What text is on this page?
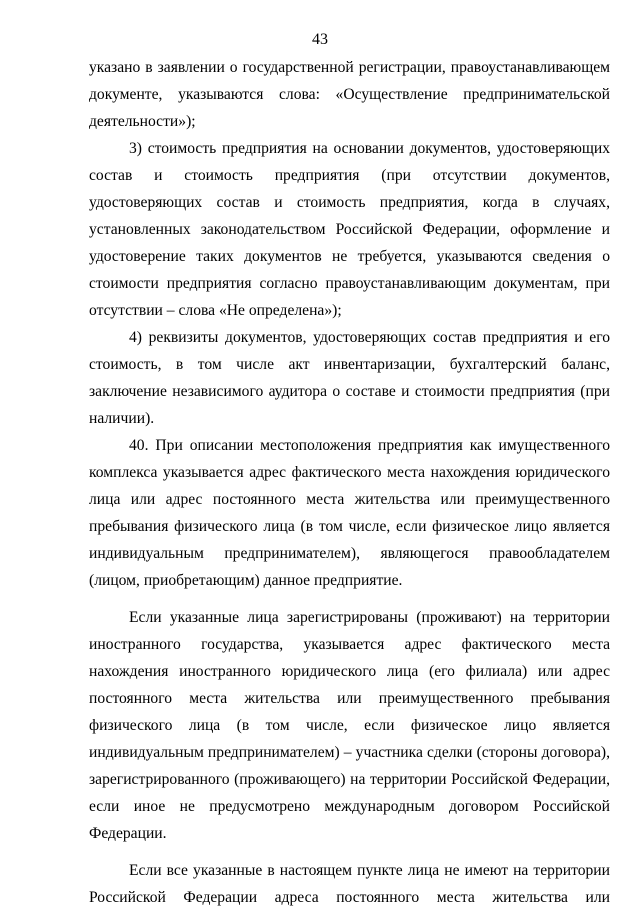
43

указано в заявлении о государственной регистрации, правоустанавливающем документе, указываются слова: «Осуществление предпринимательской деятельности»);

3) стоимость предприятия на основании документов, удостоверяющих состав и стоимость предприятия (при отсутствии документов, удостоверяющих состав и стоимость предприятия, когда в случаях, установленных законодательством Российской Федерации, оформление и удостоверение таких документов не требуется, указываются сведения о стоимости предприятия согласно правоустанавливающим документам, при отсутствии – слова «Не определена»);

4) реквизиты документов, удостоверяющих состав предприятия и его стоимость, в том числе акт инвентаризации, бухгалтерский баланс, заключение независимого аудитора о составе и стоимости предприятия (при наличии).

40. При описании местоположения предприятия как имущественного комплекса указывается адрес фактического места нахождения юридического лица или адрес постоянного места жительства или преимущественного пребывания физического лица (в том числе, если физическое лицо является индивидуальным предпринимателем), являющегося правообладателем (лицом, приобретающим) данное предприятие.

Если указанные лица зарегистрированы (проживают) на территории иностранного государства, указывается адрес фактического места нахождения иностранного юридического лица (его филиала) или адрес постоянного места жительства или преимущественного пребывания физического лица (в том числе, если физическое лицо является индивидуальным предпринимателем) – участника сделки (стороны договора), зарегистрированного (проживающего) на территории Российской Федерации, если иное не предусмотрено международным договором Российской Федерации.

Если все указанные в настоящем пункте лица не имеют на территории Российской Федерации адреса постоянного места жительства или
